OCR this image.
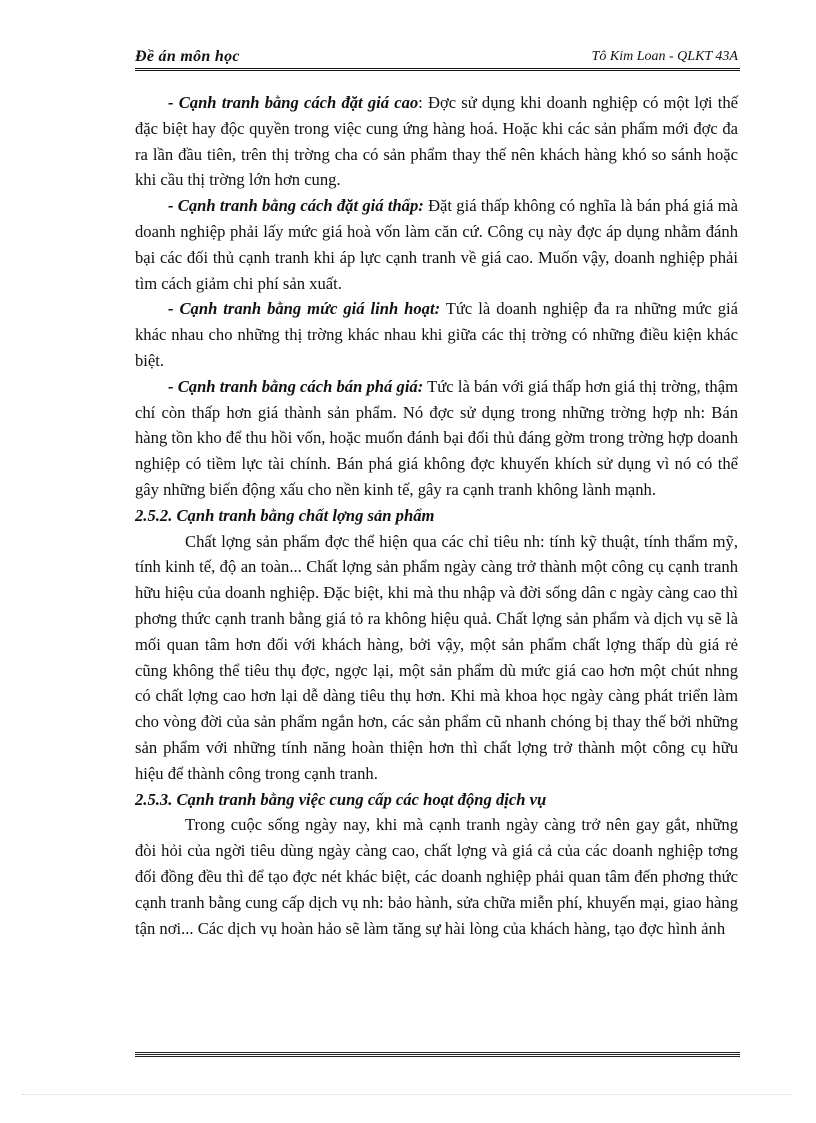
Đề án môn học	Tô Kim Loan - QLKT 43A

- Cạnh tranh bằng cách đặt giá cao: Đợc sử dụng khi doanh nghiệp có một lợi thế đặc biệt hay độc quyền trong việc cung ứng hàng hoá. Hoặc khi các sản phẩm mới đợc đa ra lần đầu tiên, trên thị trờng cha có sản phẩm thay thế nên khách hàng khó so sánh hoặc khi cầu thị trờng lớn hơn cung.

- Cạnh tranh bằng cách đặt giá thấp: Đặt giá thấp không có nghĩa là bán phá giá mà doanh nghiệp phải lấy mức giá hoà vốn làm căn cứ. Công cụ này đợc áp dụng nhằm đánh bại các đối thủ cạnh tranh khi áp lực cạnh tranh về giá cao. Muốn vậy, doanh nghiệp phải tìm cách giảm chi phí sản xuất.

- Cạnh tranh bằng mức giá linh hoạt: Tức là doanh nghiệp đa ra những mức giá khác nhau cho những thị trờng khác nhau khi giữa các thị trờng có những điều kiện khác biệt.

- Cạnh tranh bằng cách bán phá giá: Tức là bán với giá thấp hơn giá thị trờng, thậm chí còn thấp hơn giá thành sản phẩm. Nó đợc sử dụng trong những trờng hợp nh: Bán hàng tồn kho để thu hồi vốn, hoặc muốn đánh bại đối thủ đáng gờm trong trờng hợp doanh nghiệp có tiềm lực tài chính. Bán phá giá không đợc khuyến khích sử dụng vì nó có thể gây những biến động xấu cho nền kinh tế, gây ra cạnh tranh không lành mạnh.

2.5.2. Cạnh tranh bằng chất lợng sản phẩm

Chất lợng sản phẩm đợc thể hiện qua các chỉ tiêu nh: tính kỹ thuật, tính thẩm mỹ, tính kinh tế, độ an toàn... Chất lợng sản phẩm ngày càng trở thành một công cụ cạnh tranh hữu hiệu của doanh nghiệp. Đặc biệt, khi mà thu nhập và đời sống dân c ngày càng cao thì phơng thức cạnh tranh bằng giá tỏ ra không hiệu quả. Chất lợng sản phẩm và dịch vụ sẽ là mối quan tâm hơn đối với khách hàng, bởi vậy, một sản phẩm chất lợng thấp dù giá rẻ cũng không thể tiêu thụ đợc, ngợc lại, một sản phẩm dù mức giá cao hơn một chút nhng có chất lợng cao hơn lại dễ dàng tiêu thụ hơn. Khi mà khoa học ngày càng phát triển làm cho vòng đời của sản phẩm ngắn hơn, các sản phẩm cũ nhanh chóng bị thay thế bởi những sản phẩm với những tính năng hoàn thiện hơn thì chất lợng trở thành một công cụ hữu hiệu để thành công trong cạnh tranh.

2.5.3. Cạnh tranh bằng việc cung cấp các hoạt động dịch vụ

Trong cuộc sống ngày nay, khi mà cạnh tranh ngày càng trở nên gay gắt, những đòi hỏi của ngời tiêu dùng ngày càng cao, chất lợng và giá cả của các doanh nghiệp tơng đối đồng đều thì để tạo đợc nét khác biệt, các doanh nghiệp phải quan tâm đến phơng thức cạnh tranh bằng cung cấp dịch vụ nh: bảo hành, sửa chữa miễn phí, khuyến mại, giao hàng tận nơi... Các dịch vụ hoàn hảo sẽ làm tăng sự hài lòng của khách hàng, tạo đợc hình ảnh
